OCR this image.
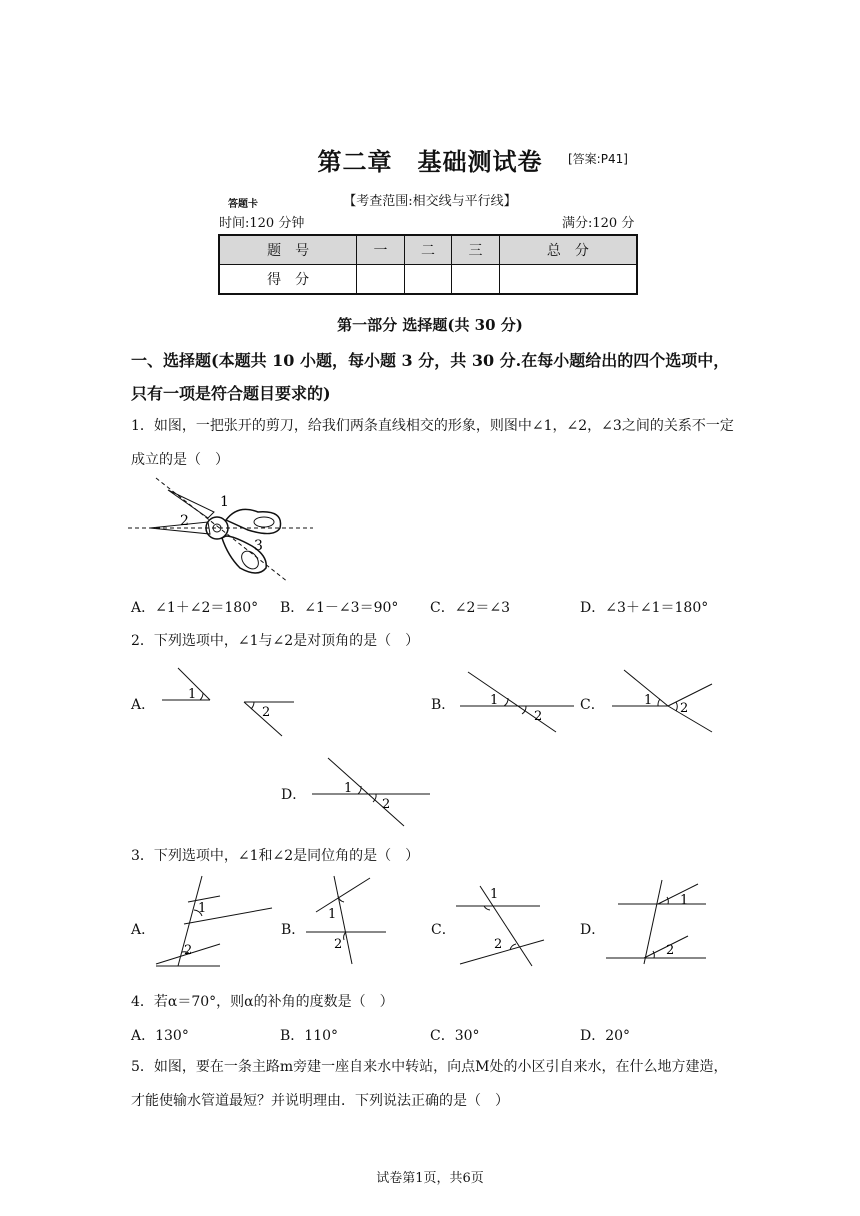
第二章　基础测试卷	[答案:P41]
【考查范围:相交线与平行线】
答题卡
时间:120 分钟	满分:120 分
题　号	一	二	三	总　分
得　分				
第一部分 选择题(共 30 分)
一、选择题(本题共 10 小题，每小题 3 分，共 30 分.在每小题给出的四个选项中，只有一项是符合题目要求的)
1．如图，一把张开的剪刀，给我们两条直线相交的形象，则图中∠1，∠2，∠3之间的关系不一定成立的是（　）
1
2
3
A．∠1＋∠2＝180° B．∠1－∠3＝90° C．∠2＝∠3	D．∠3＋∠1＝180°
2．下列选项中，∠1与∠2是对顶角的是（　）
A．
1
2	B．	1
2
C．	1
2
D．	1
2
3．下列选项中，∠1和∠2是同位角的是（　）
A．
1
2
B．
1
2
C．
1
2
D．
1
2
4．若α＝70°，则α的补角的度数是（　）
A．130°	B．110°	C．30°	D．20°
5．如图，要在一条主路m旁建一座自来水中转站，向点M处的小区引自来水，在什么地方建造，才能使输水管道最短？并说明理由．下列说法正确的是（　）
试卷第1页，共6页
